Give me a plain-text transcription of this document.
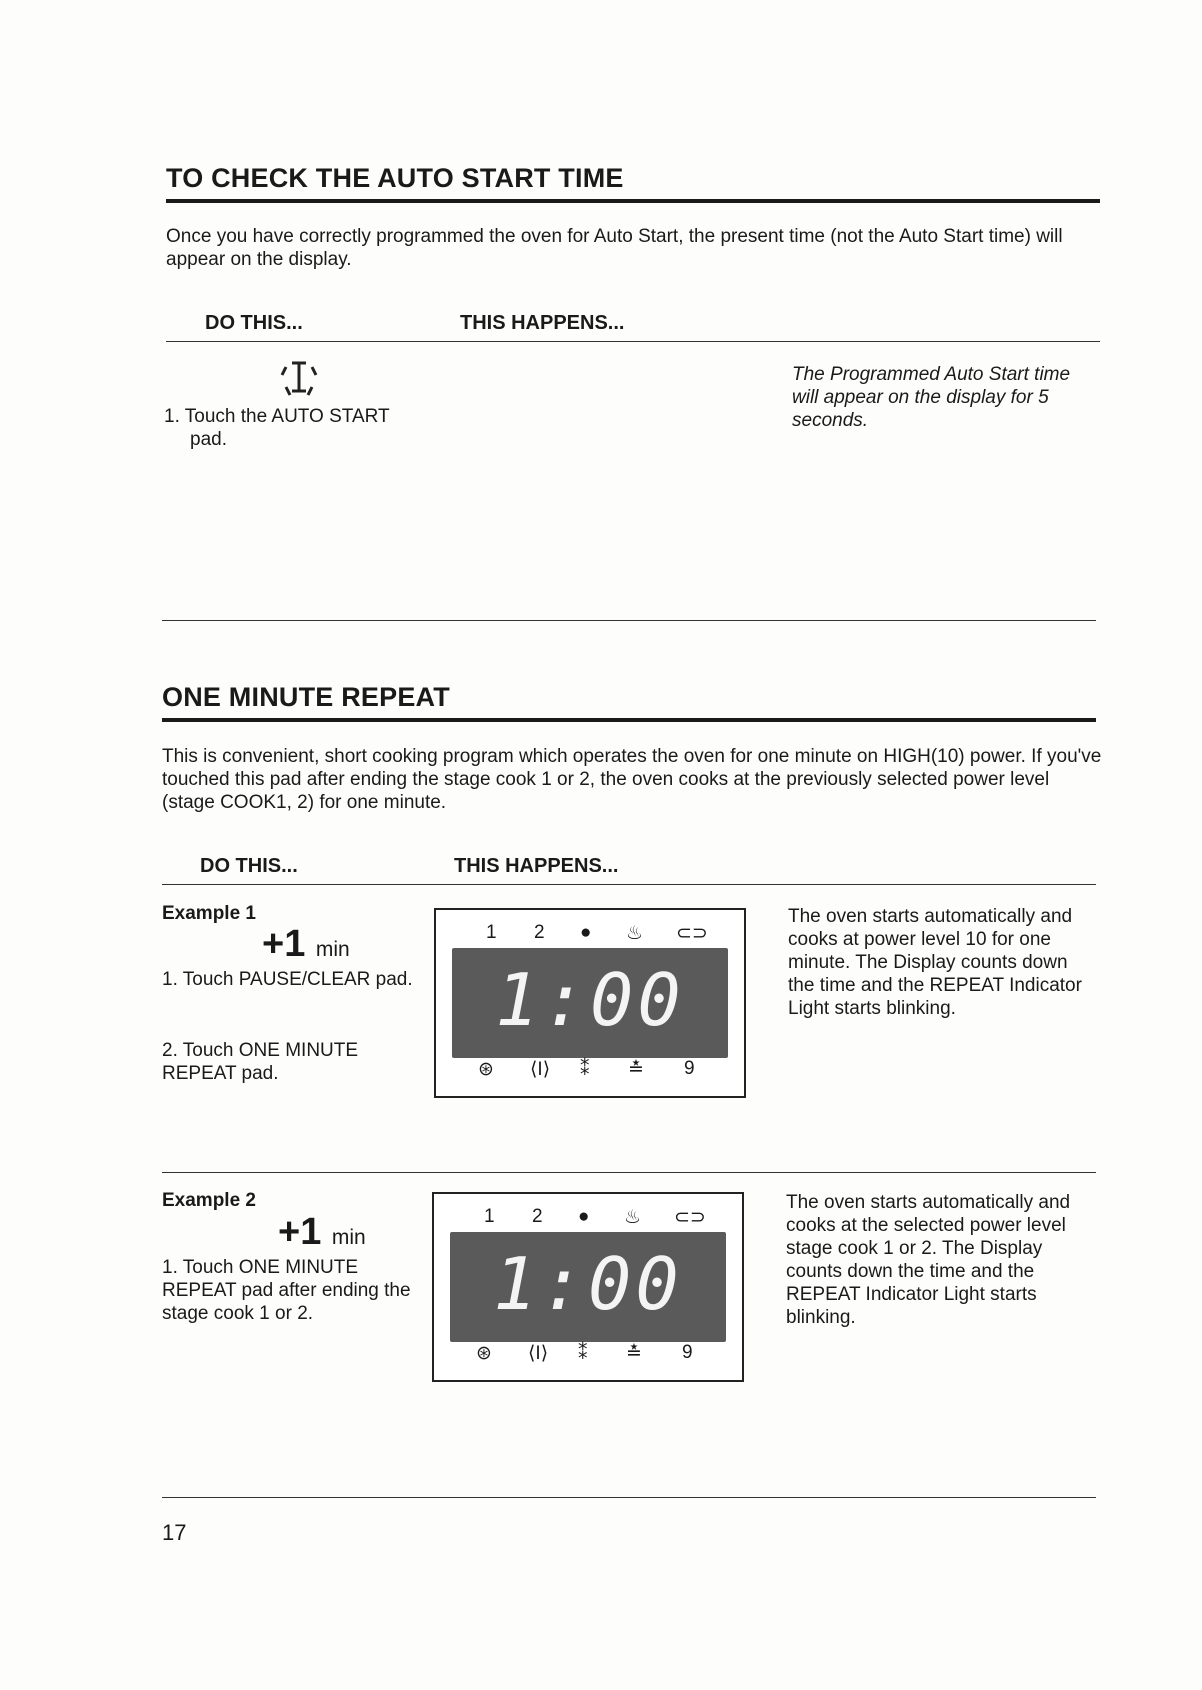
TO CHECK THE AUTO START TIME
Once you have correctly programmed the oven for Auto Start, the present time (not the Auto Start time) will appear on the display.
DO THIS...	THIS HAPPENS...
1. Touch the AUTO START
pad.
The Programmed Auto Start time will appear on the display for 5 seconds.
ONE MINUTE REPEAT
This is convenient, short cooking program which operates the oven for one minute on HIGH(10) power. If you've touched this pad after ending the stage cook 1 or 2, the oven cooks at the previously selected power level (stage COOK1, 2) for one minute.
DO THIS...	THIS HAPPENS...
Example 1
+1 min
1. Touch PAUSE/CLEAR pad.
2. Touch ONE MINUTE REPEAT pad.
1 2 ● ♨ ⊂⊃
1:00
⊛ ⟨I⟩ ⁑ ≛ 9
The oven starts automatically and cooks at power level 10 for one minute. The Display counts down the time and the REPEAT Indicator Light starts blinking.
Example 2
+1 min
1. Touch ONE MINUTE REPEAT pad after ending the stage cook 1 or 2.
1 2 ● ♨ ⊂⊃
1:00
⊛ ⟨I⟩ ⁑ ≛ 9
The oven starts automatically and cooks at the selected power level stage cook 1 or 2. The Display counts down the time and the REPEAT Indicator Light starts blinking.
17
